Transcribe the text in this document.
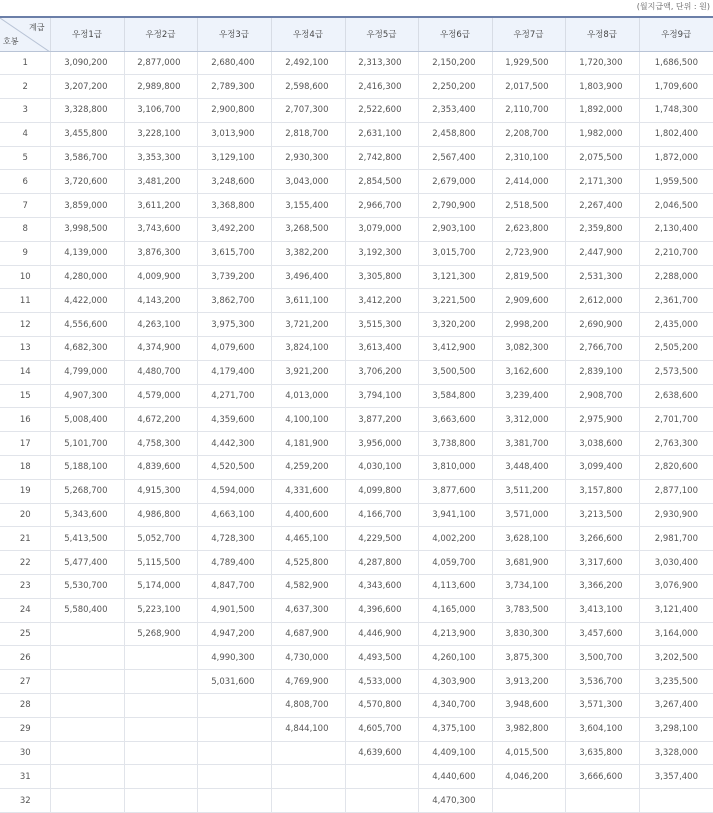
(월지급액, 단위 : 원)
계급
호봉	우정1급	우정2급	우정3급	우정4급	우정5급	우정6급	우정7급	우정8급	우정9급
1	3,090,200	2,877,000	2,680,400	2,492,100	2,313,300	2,150,200	1,929,500	1,720,300	1,686,500
2	3,207,200	2,989,800	2,789,300	2,598,600	2,416,300	2,250,200	2,017,500	1,803,900	1,709,600
3	3,328,800	3,106,700	2,900,800	2,707,300	2,522,600	2,353,400	2,110,700	1,892,000	1,748,300
4	3,455,800	3,228,100	3,013,900	2,818,700	2,631,100	2,458,800	2,208,700	1,982,000	1,802,400
5	3,586,700	3,353,300	3,129,100	2,930,300	2,742,800	2,567,400	2,310,100	2,075,500	1,872,000
6	3,720,600	3,481,200	3,248,600	3,043,000	2,854,500	2,679,000	2,414,000	2,171,300	1,959,500
7	3,859,000	3,611,200	3,368,800	3,155,400	2,966,700	2,790,900	2,518,500	2,267,400	2,046,500
8	3,998,500	3,743,600	3,492,200	3,268,500	3,079,000	2,903,100	2,623,800	2,359,800	2,130,400
9	4,139,000	3,876,300	3,615,700	3,382,200	3,192,300	3,015,700	2,723,900	2,447,900	2,210,700
10	4,280,000	4,009,900	3,739,200	3,496,400	3,305,800	3,121,300	2,819,500	2,531,300	2,288,000
11	4,422,000	4,143,200	3,862,700	3,611,100	3,412,200	3,221,500	2,909,600	2,612,000	2,361,700
12	4,556,600	4,263,100	3,975,300	3,721,200	3,515,300	3,320,200	2,998,200	2,690,900	2,435,000
13	4,682,300	4,374,900	4,079,600	3,824,100	3,613,400	3,412,900	3,082,300	2,766,700	2,505,200
14	4,799,000	4,480,700	4,179,400	3,921,200	3,706,200	3,500,500	3,162,600	2,839,100	2,573,500
15	4,907,300	4,579,000	4,271,700	4,013,000	3,794,100	3,584,800	3,239,400	2,908,700	2,638,600
16	5,008,400	4,672,200	4,359,600	4,100,100	3,877,200	3,663,600	3,312,000	2,975,900	2,701,700
17	5,101,700	4,758,300	4,442,300	4,181,900	3,956,000	3,738,800	3,381,700	3,038,600	2,763,300
18	5,188,100	4,839,600	4,520,500	4,259,200	4,030,100	3,810,000	3,448,400	3,099,400	2,820,600
19	5,268,700	4,915,300	4,594,000	4,331,600	4,099,800	3,877,600	3,511,200	3,157,800	2,877,100
20	5,343,600	4,986,800	4,663,100	4,400,600	4,166,700	3,941,100	3,571,000	3,213,500	2,930,900
21	5,413,500	5,052,700	4,728,300	4,465,100	4,229,500	4,002,200	3,628,100	3,266,600	2,981,700
22	5,477,400	5,115,500	4,789,400	4,525,800	4,287,800	4,059,700	3,681,900	3,317,600	3,030,400
23	5,530,700	5,174,000	4,847,700	4,582,900	4,343,600	4,113,600	3,734,100	3,366,200	3,076,900
24	5,580,400	5,223,100	4,901,500	4,637,300	4,396,600	4,165,000	3,783,500	3,413,100	3,121,400
25		5,268,900	4,947,200	4,687,900	4,446,900	4,213,900	3,830,300	3,457,600	3,164,000
26			4,990,300	4,730,000	4,493,500	4,260,100	3,875,300	3,500,700	3,202,500
27			5,031,600	4,769,900	4,533,000	4,303,900	3,913,200	3,536,700	3,235,500
28				4,808,700	4,570,800	4,340,700	3,948,600	3,571,300	3,267,400
29				4,844,100	4,605,700	4,375,100	3,982,800	3,604,100	3,298,100
30					4,639,600	4,409,100	4,015,500	3,635,800	3,328,000
31						4,440,600	4,046,200	3,666,600	3,357,400
32						4,470,300			
